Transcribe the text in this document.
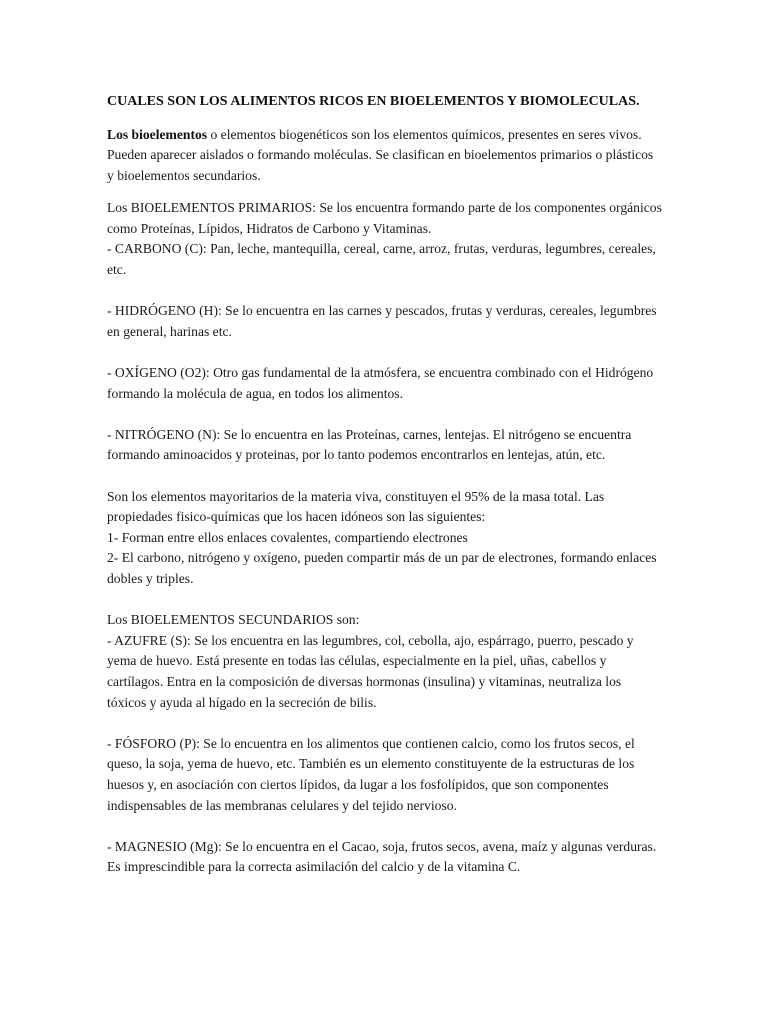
CUALES SON LOS ALIMENTOS RICOS EN BIOELEMENTOS Y BIOMOLECULAS.

Los bioelementos o elementos biogenéticos son los elementos químicos, presentes en seres vivos. Pueden aparecer aislados o formando moléculas. Se clasifican en bioelementos primarios o plásticos y bioelementos secundarios.

Los BIOELEMENTOS PRIMARIOS: Se los encuentra formando parte de los componentes orgánicos como Proteínas, Lípidos, Hidratos de Carbono y Vitaminas.

- CARBONO (C): Pan, leche, mantequilla, cereal, carne, arroz, frutas, verduras, legumbres, cereales, etc.

- HIDRÓGENO (H): Se lo encuentra en las carnes y pescados, frutas y verduras, cereales, legumbres en general, harinas etc.

- OXÍGENO (O2): Otro gas fundamental de la atmósfera, se encuentra combinado con el Hidrógeno formando la molécula de agua, en todos los alimentos.

- NITRÓGENO (N): Se lo encuentra en las Proteínas, carnes, lentejas. El nitrógeno se encuentra formando aminoacidos y proteinas, por lo tanto podemos encontrarlos en lentejas, atún, etc.

Son los elementos mayoritarios de la materia viva, constituyen el 95% de la masa total. Las propiedades fisico-químicas que los hacen idóneos son las siguientes:

1- Forman entre ellos enlaces covalentes, compartiendo electrones

2- El carbono, nitrógeno y oxígeno, pueden compartir más de un par de electrones, formando enlaces dobles y triples.

Los BIOELEMENTOS SECUNDARIOS son:

- AZUFRE (S): Se los encuentra en las legumbres, col, cebolla, ajo, espárrago, puerro, pescado y yema de huevo. Está presente en todas las células, especialmente en la piel, uñas, cabellos y cartílagos. Entra en la composición de diversas hormonas (insulina) y vitaminas, neutraliza los tóxicos y ayuda al hígado en la secreción de bilis.

- FÓSFORO (P): Se lo encuentra en los alimentos que contienen calcio, como los frutos secos, el queso, la soja, yema de huevo, etc. También es un elemento constituyente de la estructuras de los huesos y, en asociación con ciertos lípidos, da lugar a los fosfolípidos, que son componentes indispensables de las membranas celulares y del tejido nervioso.

- MAGNESIO (Mg): Se lo encuentra en el Cacao, soja, frutos secos, avena, maíz y algunas verduras. Es imprescindible para la correcta asimilación del calcio y de la vitamina C.
